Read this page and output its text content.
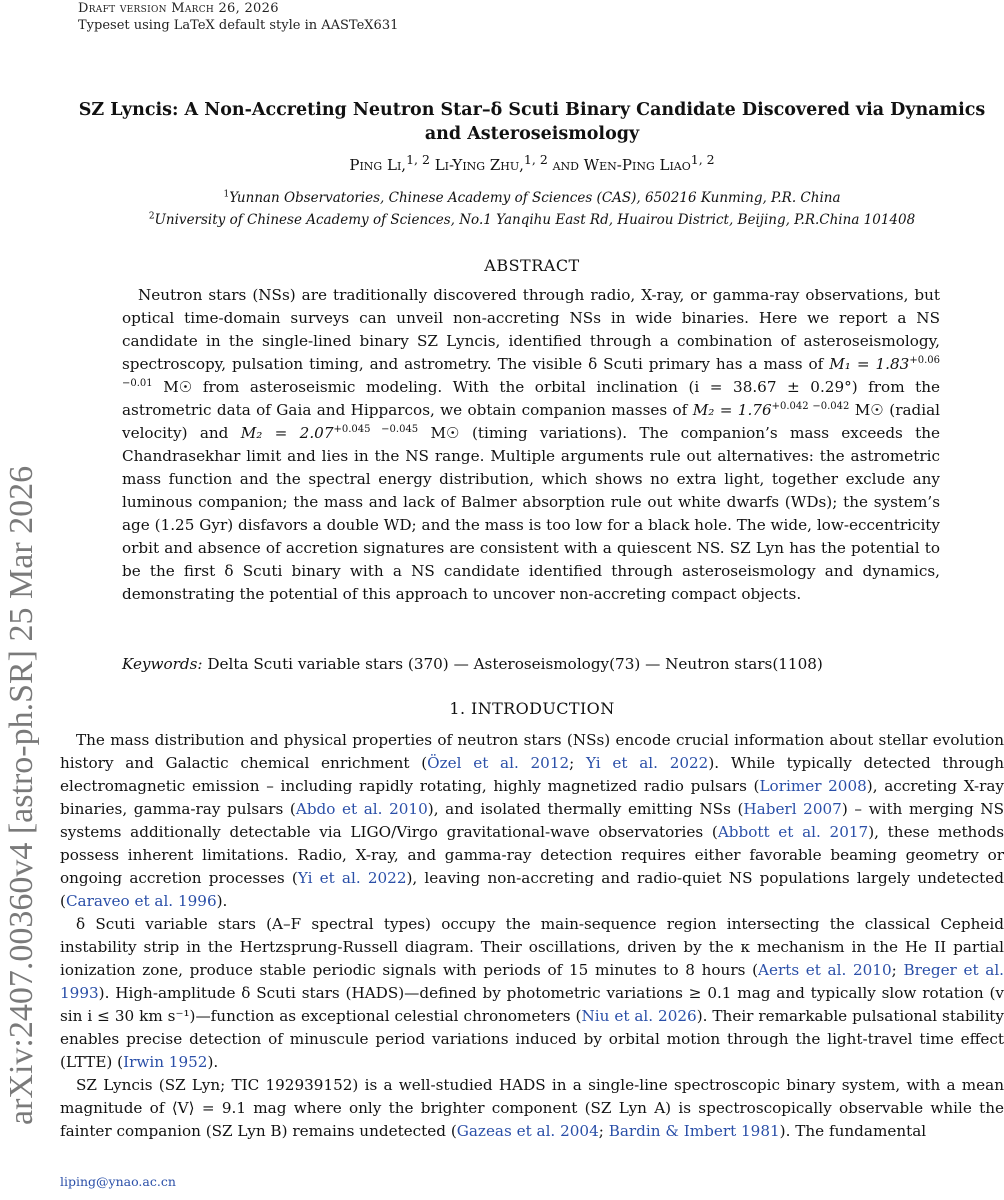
Draft version March 26, 2026
Typeset using LaTeX default style in AASTeX631
arXiv:2407.00360v4 [astro-ph.SR] 25 Mar 2026
SZ Lyncis: A Non-Accreting Neutron Star–δ Scuti Binary Candidate Discovered via Dynamics and Asteroseismology
Ping Li,$^{1, 2}$ Li-Ying Zhu,$^{1, 2}$ and Wen-Ping Liao$^{1, 2}$
$^1$Yunnan Observatories, Chinese Academy of Sciences (CAS), 650216 Kunming, P.R. China
$^2$University of Chinese Academy of Sciences, No.1 Yanqihu East Rd, Huairou District, Beijing, P.R.China 101408
ABSTRACT

Neutron stars (NSs) are traditionally discovered through radio, X-ray, or gamma-ray observations, but optical time-domain surveys can unveil non-accreting NSs in wide binaries. Here we report a NS candidate in the single-lined binary SZ Lyncis, identified through a combination of asteroseismology, spectroscopy, pulsation timing, and astrometry. The visible δ Scuti primary has a mass of $M_1 = 1.83^{+0.06 -0.01}$ M☉ from asteroseismic modeling. With the orbital inclination (i = 38.67 ± 0.29°) from the astrometric data of Gaia and Hipparcos, we obtain companion masses of $M_2 = 1.76^{+0.042 -0.042}$ M☉ (radial velocity) and $M_2 = 2.07^{+0.045 -0.045}$ M☉ (timing variations). The companion’s mass exceeds the Chandrasekhar limit and lies in the NS range. Multiple arguments rule out alternatives: the astrometric mass function and the spectral energy distribution, which shows no extra light, together exclude any luminous companion; the mass and lack of Balmer absorption rule out white dwarfs (WDs); the system’s age (1.25 Gyr) disfavors a double WD; and the mass is too low for a black hole. The wide, low-eccentricity orbit and absence of accretion signatures are consistent with a quiescent NS. SZ Lyn has the potential to be the first δ Scuti binary with a NS candidate identified through asteroseismology and dynamics, demonstrating the potential of this approach to uncover non-accreting compact objects.

Keywords: Delta Scuti variable stars (370) — Asteroseismology(73) — Neutron stars(1108)
1. INTRODUCTION

The mass distribution and physical properties of neutron stars (NSs) encode crucial information about stellar evolution history and Galactic chemical enrichment (Özel et al. 2012; Yi et al. 2022). While typically detected through electromagnetic emission – including rapidly rotating, highly magnetized radio pulsars (Lorimer 2008), accreting X-ray binaries, gamma-ray pulsars (Abdo et al. 2010), and isolated thermally emitting NSs (Haberl 2007) – with merging NS systems additionally detectable via LIGO/Virgo gravitational-wave observatories (Abbott et al. 2017), these methods possess inherent limitations. Radio, X-ray, and gamma-ray detection requires either favorable beaming geometry or ongoing accretion processes (Yi et al. 2022), leaving non-accreting and radio-quiet NS populations largely undetected (Caraveo et al. 1996).

δ Scuti variable stars (A–F spectral types) occupy the main-sequence region intersecting the classical Cepheid instability strip in the Hertzsprung-Russell diagram. Their oscillations, driven by the κ mechanism in the He II partial ionization zone, produce stable periodic signals with periods of 15 minutes to 8 hours (Aerts et al. 2010; Breger et al. 1993). High-amplitude δ Scuti stars (HADS)—defined by photometric variations ≥ 0.1 mag and typically slow rotation (v sin i ≤ 30 km s⁻¹)—function as exceptional celestial chronometers (Niu et al. 2026). Their remarkable pulsational stability enables precise detection of minuscule period variations induced by orbital motion through the light-travel time effect (LTTE) (Irwin 1952).

SZ Lyncis (SZ Lyn; TIC 192939152) is a well-studied HADS in a single-line spectroscopic binary system, with a mean magnitude of ⟨V⟩ = 9.1 mag where only the brighter component (SZ Lyn A) is spectroscopically observable while the fainter companion (SZ Lyn B) remains undetected (Gazeas et al. 2004; Bardin & Imbert 1981). The fundamental

liping@ynao.ac.cn
